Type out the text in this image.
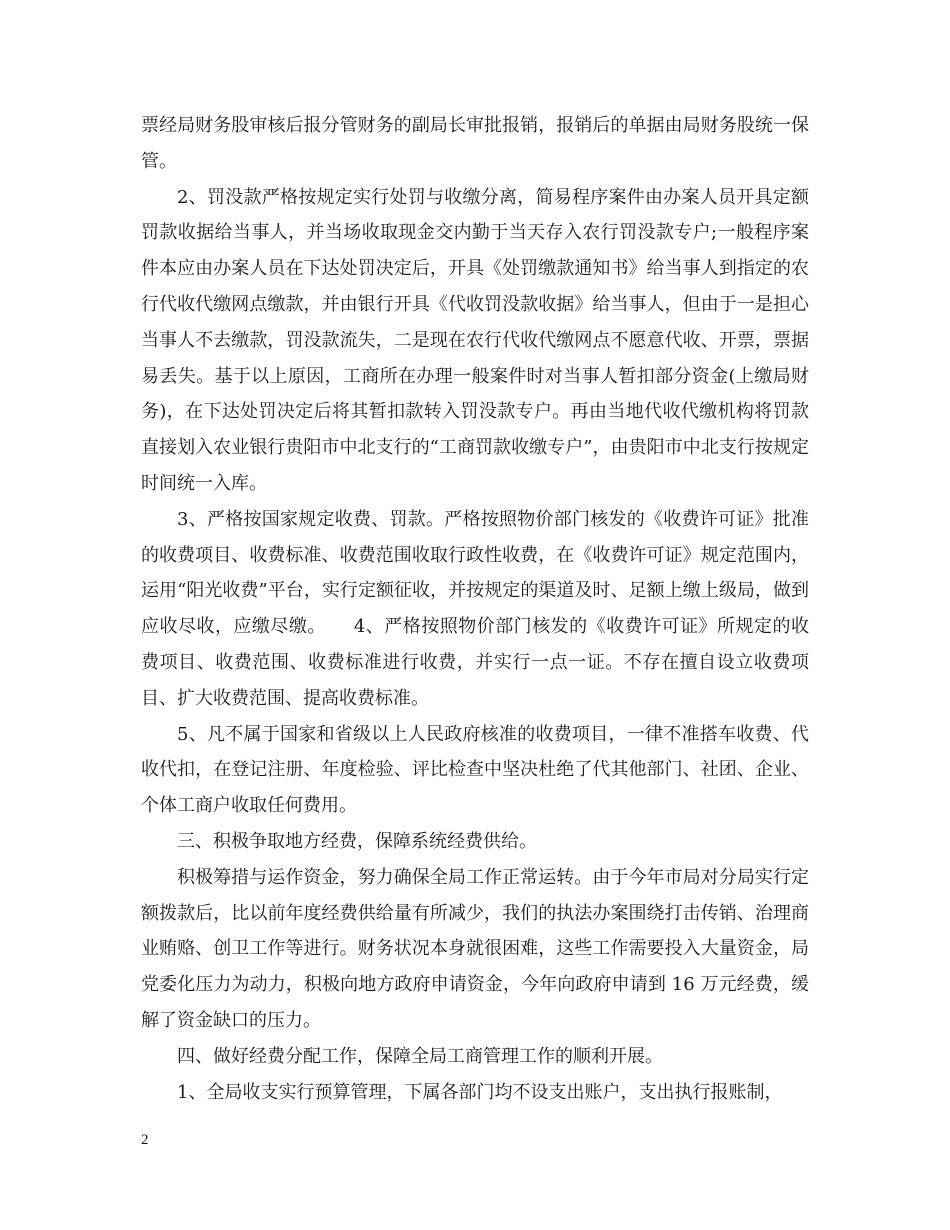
票经局财务股审核后报分管财务的副局长审批报销，报销后的单据由局财务股统一保管。

2、罚没款严格按规定实行处罚与收缴分离，简易程序案件由办案人员开具定额罚款收据给当事人，并当场收取现金交内勤于当天存入农行罚没款专户;一般程序案件本应由办案人员在下达处罚决定后，开具《处罚缴款通知书》给当事人到指定的农行代收代缴网点缴款，并由银行开具《代收罚没款收据》给当事人，但由于一是担心当事人不去缴款，罚没款流失，二是现在农行代收代缴网点不愿意代收、开票，票据易丢失。基于以上原因，工商所在办理一般案件时对当事人暂扣部分资金(上缴局财务)，在下达处罚决定后将其暂扣款转入罚没款专户。再由当地代收代缴机构将罚款直接划入农业银行贵阳市中北支行的“工商罚款收缴专户”，由贵阳市中北支行按规定时间统一入库。

3、严格按国家规定收费、罚款。严格按照物价部门核发的《收费许可证》批准的收费项目、收费标准、收费范围收取行政性收费，在《收费许可证》规定范围内，运用“阳光收费”平台，实行定额征收，并按规定的渠道及时、足额上缴上级局，做到应收尽收，应缴尽缴。　　4、严格按照物价部门核发的《收费许可证》所规定的收费项目、收费范围、收费标准进行收费，并实行一点一证。不存在擅自设立收费项目、扩大收费范围、提高收费标准。

5、凡不属于国家和省级以上人民政府核准的收费项目，一律不准搭车收费、代收代扣，在登记注册、年度检验、评比检查中坚决杜绝了代其他部门、社团、企业、个体工商户收取任何费用。

三、积极争取地方经费，保障系统经费供给。

积极筹措与运作资金，努力确保全局工作正常运转。由于今年市局对分局实行定额拨款后，比以前年度经费供给量有所减少，我们的执法办案围绕打击传销、治理商业贿赂、创卫工作等进行。财务状况本身就很困难，这些工作需要投入大量资金，局党委化压力为动力，积极向地方政府申请资金，今年向政府申请到 16 万元经费，缓解了资金缺口的压力。

四、做好经费分配工作，保障全局工商管理工作的顺利开展。

1、全局收支实行预算管理，下属各部门均不设支出账户，支出执行报账制，

2
